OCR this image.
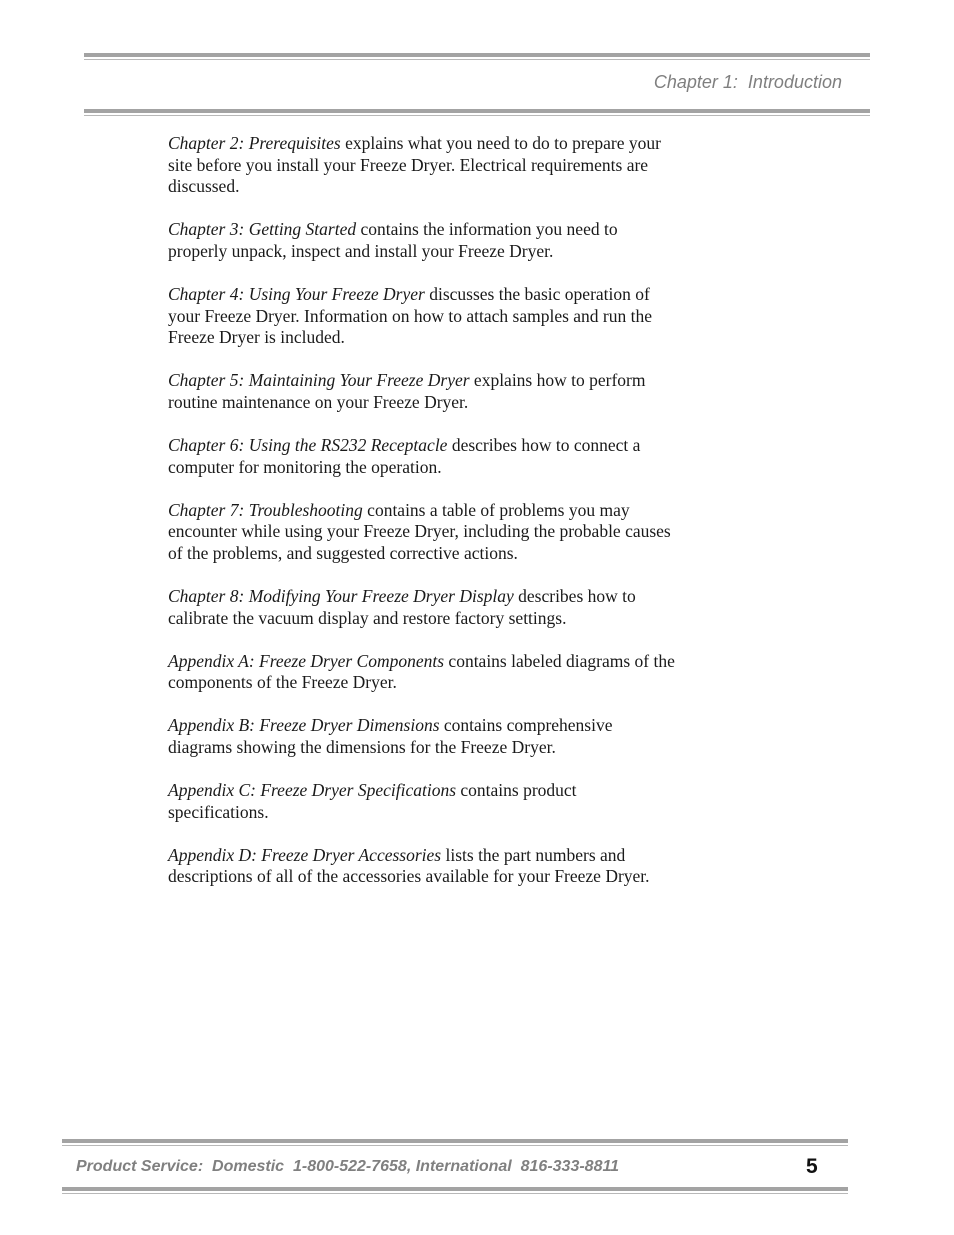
Chapter 1:  Introduction

Chapter 2: Prerequisites explains what you need to do to prepare your site before you install your Freeze Dryer. Electrical requirements are discussed.

Chapter 3: Getting Started contains the information you need to properly unpack, inspect and install your Freeze Dryer.

Chapter 4: Using Your Freeze Dryer discusses the basic operation of your Freeze Dryer. Information on how to attach samples and run the Freeze Dryer is included.

Chapter 5: Maintaining Your Freeze Dryer explains how to perform routine maintenance on your Freeze Dryer.

Chapter 6: Using the RS232 Receptacle describes how to connect a computer for monitoring the operation.

Chapter 7: Troubleshooting contains a table of problems you may encounter while using your Freeze Dryer, including the probable causes of the problems, and suggested corrective actions.

Chapter 8: Modifying Your Freeze Dryer Display describes how to calibrate the vacuum display and restore factory settings.

Appendix A: Freeze Dryer Components contains labeled diagrams of the components of the Freeze Dryer.

Appendix B: Freeze Dryer Dimensions contains comprehensive diagrams showing the dimensions for the Freeze Dryer.

Appendix C: Freeze Dryer Specifications contains product specifications.

Appendix D: Freeze Dryer Accessories lists the part numbers and descriptions of all of the accessories available for your Freeze Dryer.

Product Service:  Domestic  1-800-522-7658, International  816-333-8811	5
